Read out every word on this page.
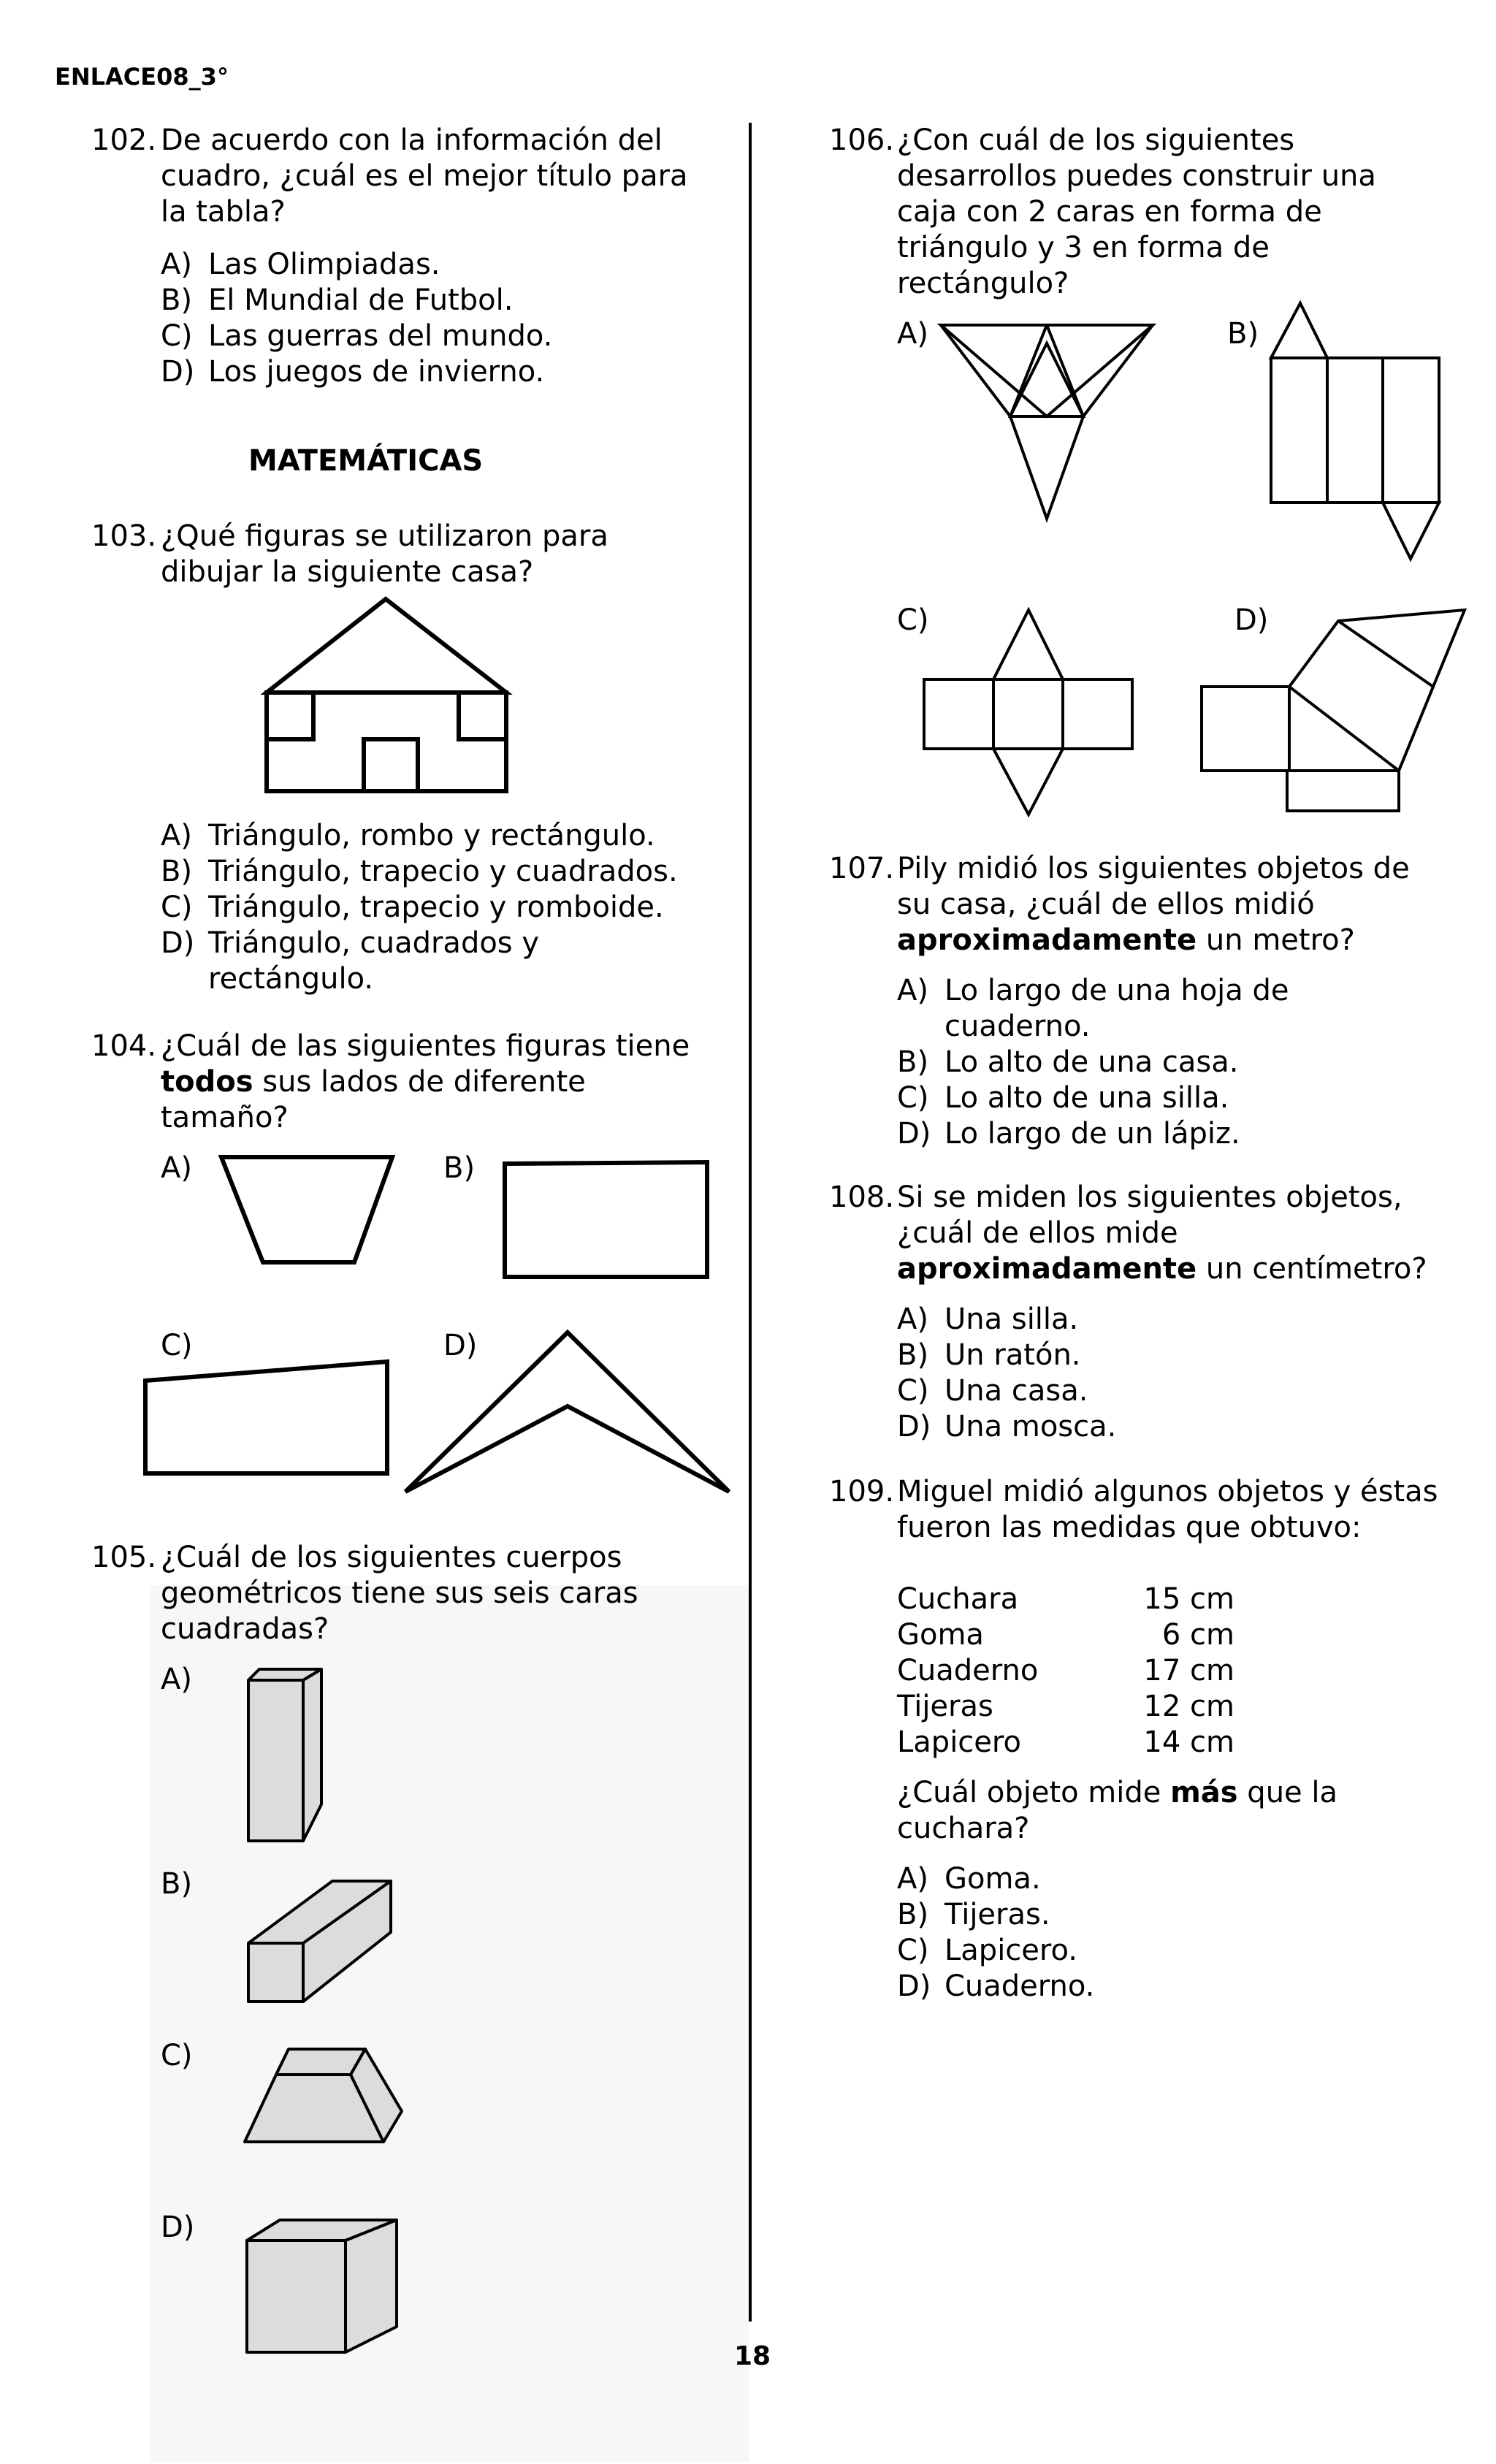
ENLACE08_3°
102. De acuerdo con la información del
cuadro, ¿cuál es el mejor título para
la tabla?
A) Las Olimpiadas.
B) El Mundial de Futbol.
C) Las guerras del mundo.
D) Los juegos de invierno.
MATEMÁTICAS
103. ¿Qué figuras se utilizaron para
dibujar la siguiente casa?
A) Triángulo, rombo y rectángulo.
B) Triángulo, trapecio y cuadrados.
C) Triángulo, trapecio y romboide.
D) Triángulo, cuadrados y
rectángulo.
104. ¿Cuál de las siguientes figuras tiene
todos sus lados de diferente
tamaño?
A)	B)
C)	D)
105. ¿Cuál de los siguientes cuerpos
geométricos tiene sus seis caras
cuadradas?
A)
B)
C)
D)
18
106. ¿Con cuál de los siguientes
desarrollos puedes construir una
caja con 2 caras en forma de
triángulo y 3 en forma de
rectángulo?
A)	B)
C)	D)
107. Pily midió los siguientes objetos de
su casa, ¿cuál de ellos midió
aproximadamente un metro?
A) Lo largo de una hoja de
cuaderno.
B) Lo alto de una casa.
C) Lo alto de una silla.
D) Lo largo de un lápiz.
108. Si se miden los siguientes objetos,
¿cuál de ellos mide
aproximadamente un centímetro?
A) Una silla.
B) Un ratón.
C) Una casa.
D) Una mosca.
109. Miguel midió algunos objetos y éstas
fueron las medidas que obtuvo:
Cuchara	15 cm
Goma	6 cm
Cuaderno	17 cm
Tijeras	12 cm
Lapicero	14 cm
¿Cuál objeto mide más que la
cuchara?
A) Goma.
B) Tijeras.
C) Lapicero.
D) Cuaderno.
